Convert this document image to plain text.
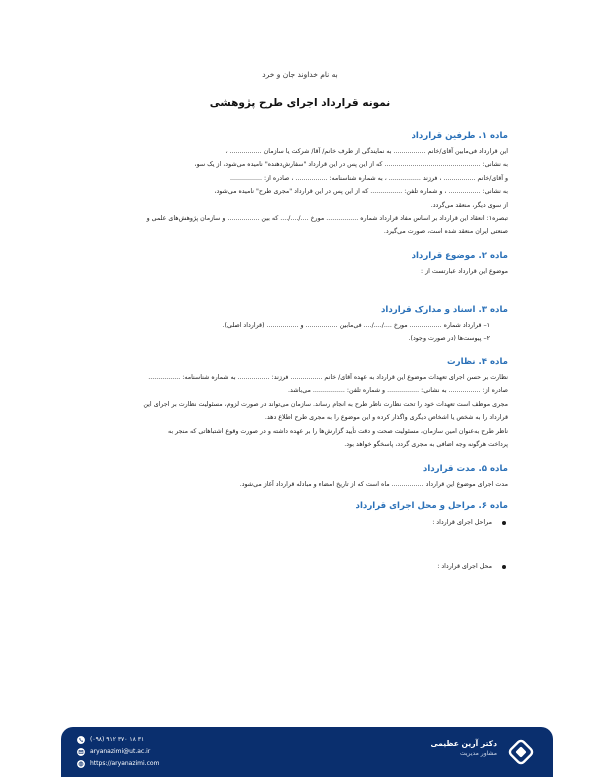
به نام خداوند جان و خرد
نمونه قرارداد اجرای طرح پژوهشی

ماده ۱. طرفین قرارداد

این قرارداد فی‌مابین آقای/خانم ................ به نمایندگی از طرف خانم/ آقا/ شرکت یا سازمان ................ ،

به نشانی: ................................................ که از این پس در این قرارداد "سفارش‌دهنده" نامیده می‌شود، از یک سو،

و آقای/خانم ................ ، فرزند ................ ، به شماره شناسنامه: ................ ، صادره از: ................

به نشانی: ................ ، و شماره تلفن: ................ که از این پس در این قرارداد "مجری طرح" نامیده می‌شود،

از سوی دیگر، منعقد می‌گردد.

تبصره۱: انعقاد این قرارداد بر اساس مفاد قرارداد شماره ................ مورخ ..../..../.... که بین ................ و سازمان پژوهش‌های علمی و

صنعتی ایران منعقد شده است، صورت می‌گیرد.

ماده ۲. موضوع قرارداد

موضوع این قرارداد عبارتست از :

ماده ۳. اسناد و مدارک قرارداد

۱– قرارداد شماره ................ مورخ ..../..../.... فی‌مابین ................ و ................ (قرارداد اصلی).

۲– پیوست‌ها (در صورت وجود).

ماده ۴. نظارت

نظارت بر حسن اجرای تعهدات موضوع این قرارداد به عهده آقای/ خانم ................ فرزند: ................ به شماره شناسنامه: ................

صادره از: ................ به نشانی: ................ و شماره تلفن: ................ می‌باشد.

مجری موظف است تعهدات خود را تحت نظارت ناظر طرح به انجام رساند. سازمان می‌تواند در صورت لزوم، مسئولیت نظارت بر اجرای این

قرارداد را به شخص یا اشخاص دیگری واگذار کرده و این موضوع را به مجری طرح اطلاع دهد.

ناظر طرح به‌عنوان امین سازمان، مسئولیت صحت و دقت تأیید گزارش‌ها را بر عهده داشته و در صورت وقوع اشتباهاتی که منجر به

پرداخت هرگونه وجه اضافی به مجری گردد، پاسخگو خواهد بود.

ماده ۵. مدت قرارداد

مدت اجرای موضوع این قرارداد ................ ماه است که از تاریخ امضاء و مبادله قرارداد آغاز می‌شود.

ماده ۶. مراحل و محل اجرای قرارداد

مراحل اجرای قرارداد :

محل اجرای قرارداد :

(۰۹۸) ۹۱۲ ۳۷۰ ۱۸ ۳۱
aryanazimi@ut.ac.ir
https://aryanazimi.com
دکتر آرین عظیمی
مشاور مدیریت
